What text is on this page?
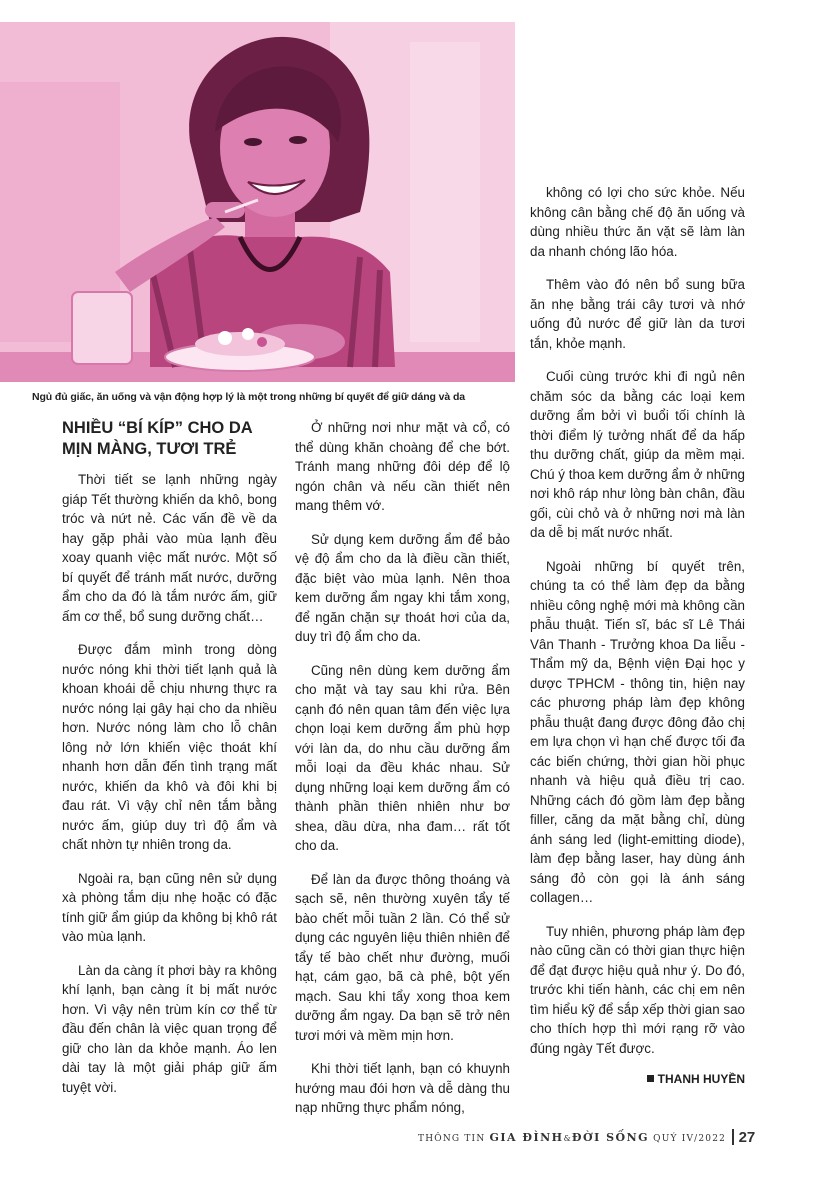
Ngủ đủ giấc, ăn uống và vận động hợp lý là một trong những bí quyết để giữ dáng và da
NHIỀU “BÍ KÍP” CHO DA
MỊN MÀNG, TƯƠI TRẺ

Thời tiết se lạnh những ngày giáp Tết thường khiến da khô, bong tróc và nứt nẻ. Các vấn đề về da hay gặp phải vào mùa lạnh đều xoay quanh việc mất nước. Một số bí quyết để tránh mất nước, dưỡng ẩm cho da đó là tắm nước ấm, giữ ấm cơ thể, bổ sung dưỡng chất…

Được đắm mình trong dòng nước nóng khi thời tiết lạnh quả là khoan khoái dễ chịu nhưng thực ra nước nóng lại gây hại cho da nhiều hơn. Nước nóng làm cho lỗ chân lông nở lớn khiến việc thoát khí nhanh hơn dẫn đến tình trạng mất nước, khiến da khô và đôi khi bị đau rát. Vì vậy chỉ nên tắm bằng nước ấm, giúp duy trì độ ẩm và chất nhờn tự nhiên trong da.

Ngoài ra, bạn cũng nên sử dụng xà phòng tắm dịu nhẹ hoặc có đặc tính giữ ẩm giúp da không bị khô rát vào mùa lạnh.

Làn da càng ít phơi bày ra không khí lạnh, bạn càng ít bị mất nước hơn. Vì vậy nên trùm kín cơ thể từ đầu đến chân là việc quan trọng để giữ cho làn da khỏe mạnh. Áo len dài tay là một giải pháp giữ ấm tuyệt vời.

Ở những nơi như mặt và cổ, có thể dùng khăn choàng để che bớt. Tránh mang những đôi dép để lộ ngón chân và nếu cần thiết nên mang thêm vớ.

Sử dụng kem dưỡng ẩm để bảo vệ độ ẩm cho da là điều cần thiết, đặc biệt vào mùa lạnh. Nên thoa kem dưỡng ẩm ngay khi tắm xong, để ngăn chặn sự thoát hơi của da, duy trì độ ẩm cho da.

Cũng nên dùng kem dưỡng ẩm cho mặt và tay sau khi rửa. Bên cạnh đó nên quan tâm đến việc lựa chọn loại kem dưỡng ẩm phù hợp với làn da, do nhu cầu dưỡng ẩm mỗi loại da đều khác nhau. Sử dụng những loại kem dưỡng ẩm có thành phần thiên nhiên như bơ shea, dầu dừa, nha đam… rất tốt cho da.

Để làn da được thông thoáng và sạch sẽ, nên thường xuyên tẩy tế bào chết mỗi tuần 2 lần. Có thể sử dụng các nguyên liệu thiên nhiên để tẩy tế bào chết như đường, muối hạt, cám gạo, bã cà phê, bột yến mạch. Sau khi tẩy xong thoa kem dưỡng ẩm ngay. Da bạn sẽ trở nên tươi mới và mềm mịn hơn.

Khi thời tiết lạnh, bạn có khuynh hướng mau đói hơn và dễ dàng thu nạp những thực phẩm nóng,

không có lợi cho sức khỏe. Nếu không cân bằng chế độ ăn uống và dùng nhiều thức ăn vặt sẽ làm làn da nhanh chóng lão hóa.

Thêm vào đó nên bổ sung bữa ăn nhẹ bằng trái cây tươi và nhớ uống đủ nước để giữ làn da tươi tắn, khỏe mạnh.

Cuối cùng trước khi đi ngủ nên chăm sóc da bằng các loại kem dưỡng ẩm bởi vì buổi tối chính là thời điểm lý tưởng nhất để da hấp thu dưỡng chất, giúp da mềm mại. Chú ý thoa kem dưỡng ẩm ở những nơi khô ráp như lòng bàn chân, đầu gối, cùi chỏ và ở những nơi mà làn da dễ bị mất nước nhất.

Ngoài những bí quyết trên, chúng ta có thể làm đẹp da bằng nhiều công nghệ mới mà không cần phẫu thuật. Tiến sĩ, bác sĩ Lê Thái Vân Thanh - Trưởng khoa Da liễu - Thẩm mỹ da, Bệnh viện Đại học y dược TPHCM - thông tin, hiện nay các phương pháp làm đẹp không phẫu thuật đang được đông đảo chị em lựa chọn vì hạn chế được tối đa các biến chứng, thời gian hồi phục nhanh và hiệu quả điều trị cao. Những cách đó gồm làm đẹp bằng filler, căng da mặt bằng chỉ, dùng ánh sáng led (light-emitting diode), làm đẹp bằng laser, hay dùng ánh sáng đỏ còn gọi là ánh sáng collagen…

Tuy nhiên, phương pháp làm đẹp nào cũng cần có thời gian thực hiện để đạt được hiệu quả như ý. Do đó, trước khi tiến hành, các chị em nên tìm hiểu kỹ để sắp xếp thời gian sao cho thích hợp thì mới rạng rỡ vào đúng ngày Tết được.

THANH HUYỀN
THÔNG TIN GIA ĐÌNH&ĐỜI SỐNG QUÝ IV/2022 27
